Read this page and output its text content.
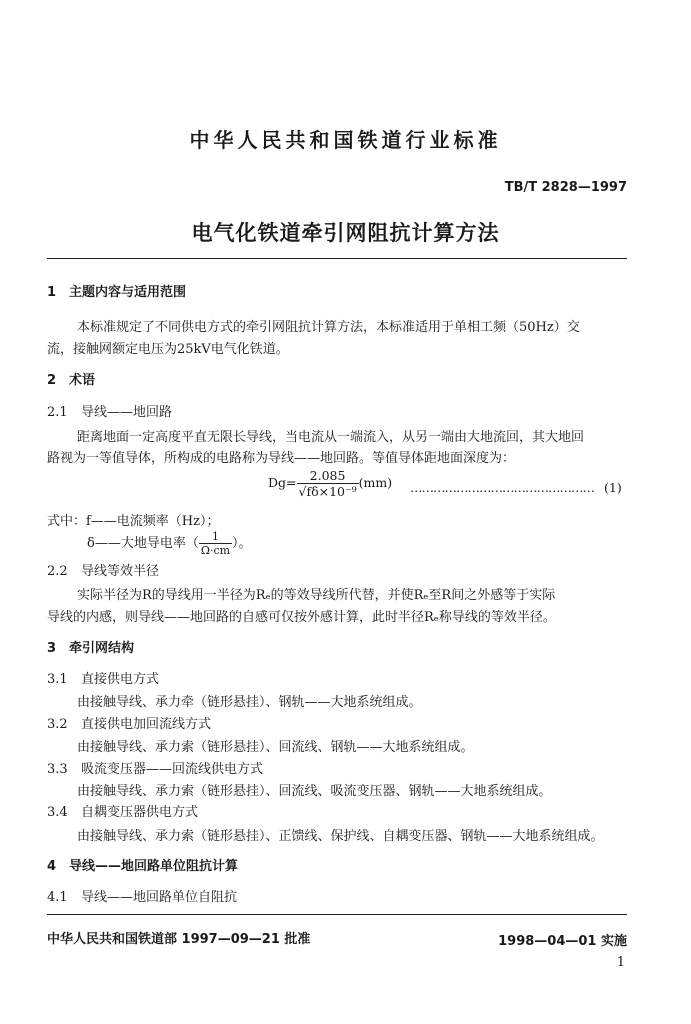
中华人民共和国铁道行业标准
TB/T 2828—1997
电气化铁道牵引网阻抗计算方法
1 主题内容与适用范围
本标准规定了不同供电方式的牵引网阻抗计算方法，本标准适用于单相工频（50Hz）交
流，接触网额定电压为25kV电气化铁道。
2 术语
2.1 导线——地回路
距离地面一定高度平直无限长导线，当电流从一端流入，从另一端由大地流回，其大地回
路视为一等值导体，所构成的电路称为导线——地回路。等值导体距地面深度为：
$Dg= \frac{2.085}{\text{√fδ×10⁻⁹}} (mm)$ ………………………………………… (1)
式中：f——电流频率（Hz）；
δ——大地导电率（ $\frac{1}{\Omega\cdot cm}$ ）。
2.2 导线等效半径
实际半径为R的导线用一半径为Rₑ的等效导线所代替，并使Rₑ至R间之外感等于实际
导线的内感，则导线——地回路的自感可仅按外感计算，此时半径Rₑ称导线的等效半径。
3 牵引网结构
3.1 直接供电方式
由接触导线、承力牵（链形悬挂）、钢轨——大地系统组成。
3.2 直接供电加回流线方式
由接触导线、承力索（链形悬挂）、回流线、钢轨——大地系统组成。
3.3 吸流变压器——回流线供电方式
由接触导线、承力索（链形悬挂）、回流线、吸流变压器、钢轨——大地系统组成。
3.4 自耦变压器供电方式
由接触导线、承力索（链形悬挂）、正馈线、保护线、自耦变压器、钢轨——大地系统组成。
4 导线——地回路单位阻抗计算
4.1 导线——地回路单位自阻抗
中华人民共和国铁道部 1997—09—21 批准	1998—04—01 实施
1
